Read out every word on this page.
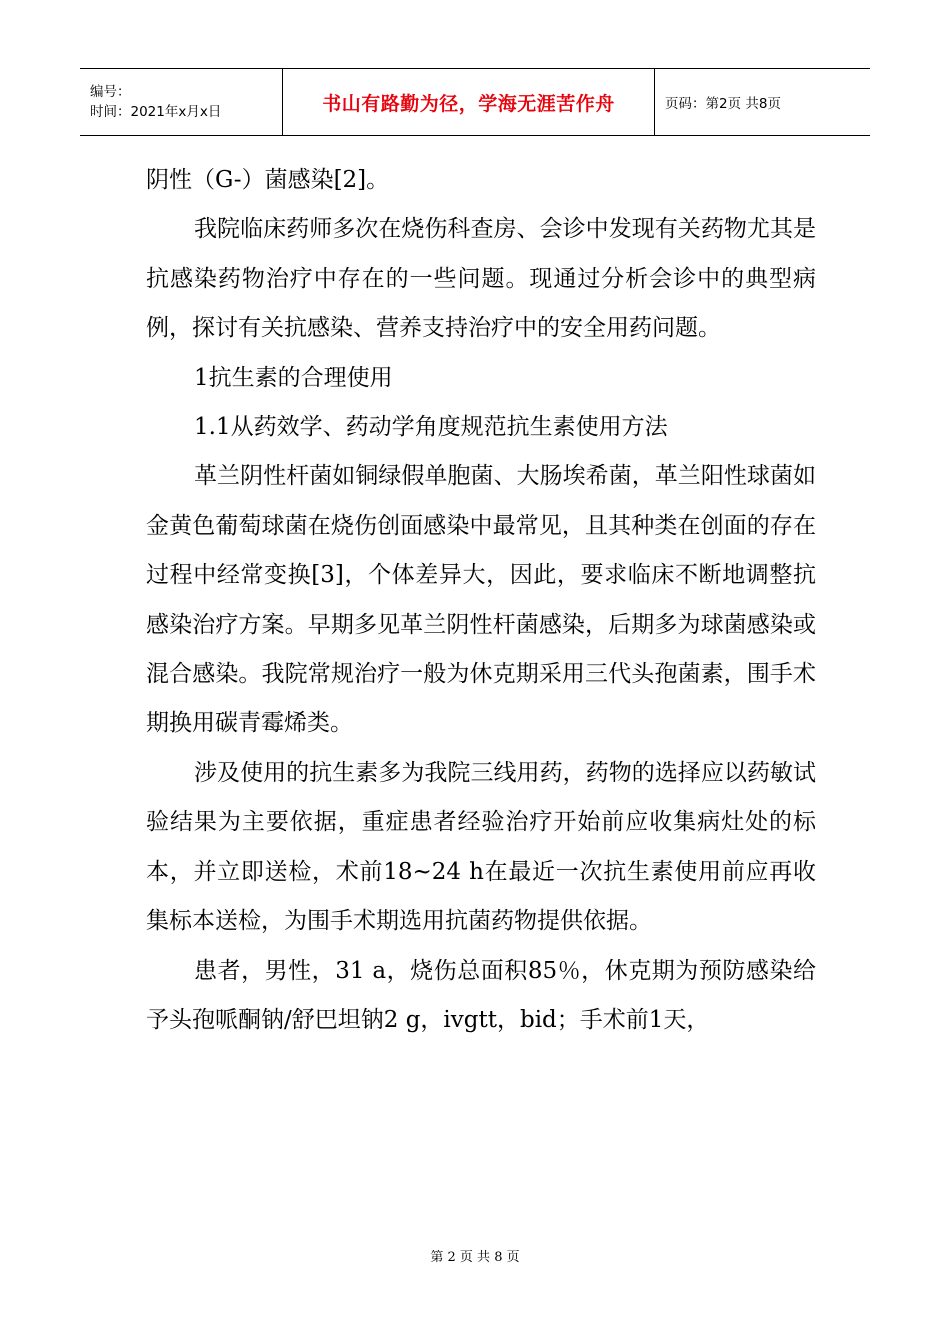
编号：
时间：2021年x月x日	书山有路勤为径，学海无涯苦作舟	页码：第2页 共8页

阴性（G-）菌感染[2]。

我院临床药师多次在烧伤科查房、会诊中发现有关药物尤其是抗感染药物治疗中存在的一些问题。现通过分析会诊中的典型病例，探讨有关抗感染、营养支持治疗中的安全用药问题。

1抗生素的合理使用

1.1从药效学、药动学角度规范抗生素使用方法

革兰阴性杆菌如铜绿假单胞菌、大肠埃希菌，革兰阳性球菌如金黄色葡萄球菌在烧伤创面感染中最常见，且其种类在创面的存在过程中经常变换[3]，个体差异大，因此，要求临床不断地调整抗感染治疗方案。早期多见革兰阴性杆菌感染，后期多为球菌感染或混合感染。我院常规治疗一般为休克期采用三代头孢菌素，围手术期换用碳青霉烯类。

涉及使用的抗生素多为我院三线用药，药物的选择应以药敏试验结果为主要依据，重症患者经验治疗开始前应收集病灶处的标本，并立即送检，术前18~24 h在最近一次抗生素使用前应再收集标本送检，为围手术期选用抗菌药物提供依据。

患者，男性，31 a，烧伤总面积85％，休克期为预防感染给予头孢哌酮钠/舒巴坦钠2 g，ivgtt，bid；手术前1天，

第 2 页 共 8 页
